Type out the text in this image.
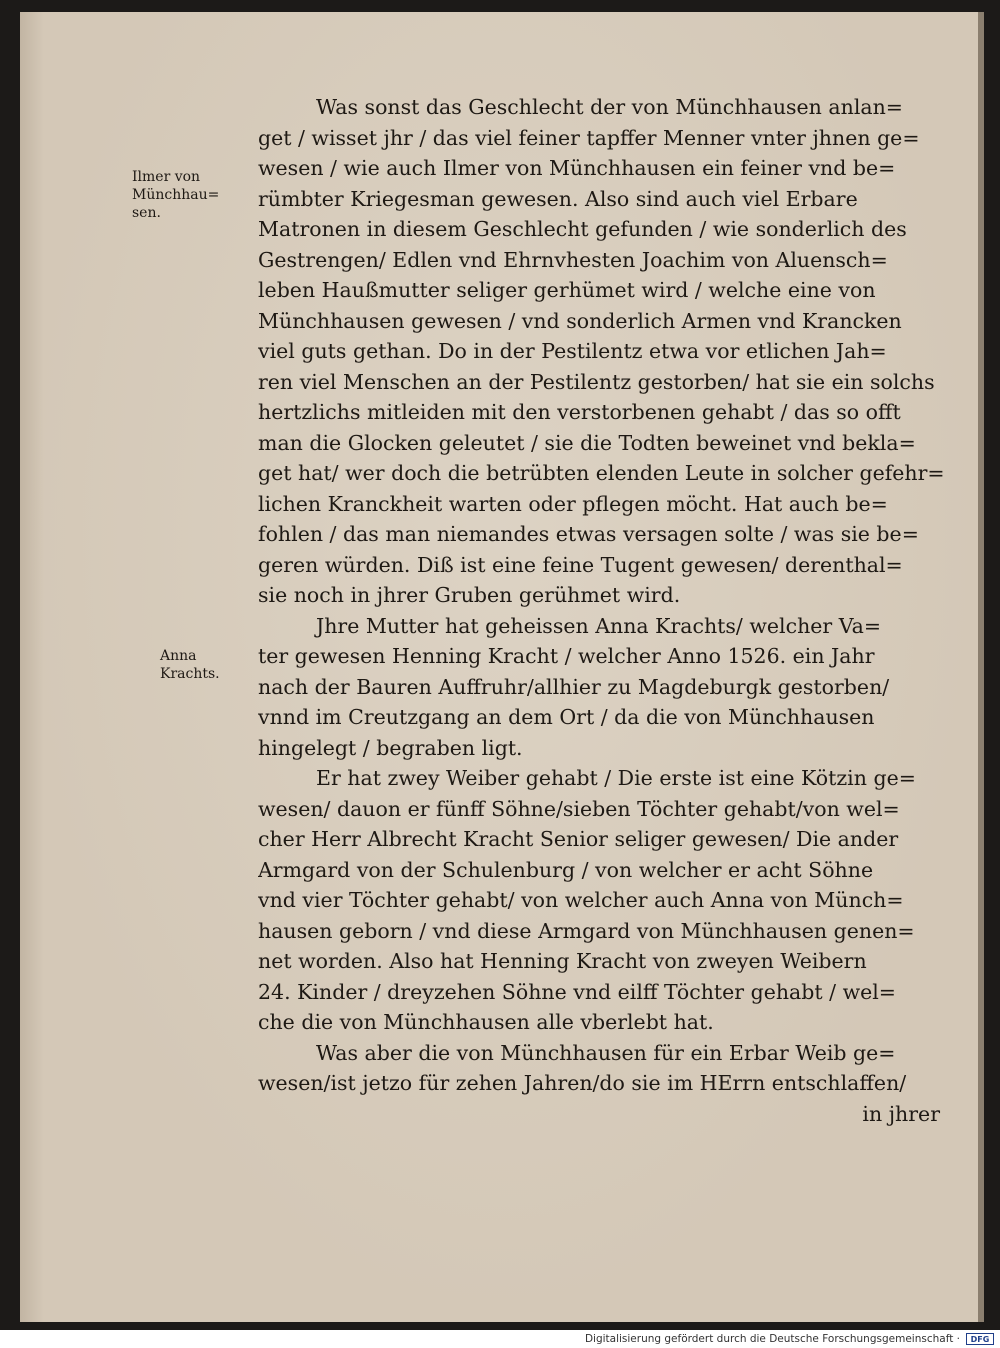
Ilmer von Münchhau= sen.
Anna Krachts.
Was sonst das Geschlecht der von Münchhausen anlan=
get / wisset jhr / das viel feiner tapffer Menner vnter jhnen ge=
wesen / wie auch Ilmer von Münchhausen ein feiner vnd be=
rümbter Kriegesman gewesen. Also sind auch viel Erbare
Matronen in diesem Geschlecht gefunden / wie sonderlich des
Gestrengen/ Edlen vnd Ehrnvhesten Joachim von Aluensch=
leben Haußmutter seliger gerhümet wird / welche eine von
Münchhausen gewesen / vnd sonderlich Armen vnd Krancken
viel guts gethan. Do in der Pestilentz etwa vor etlichen Jah=
ren viel Menschen an der Pestilentz gestorben/ hat sie ein solchs
hertzlichs mitleiden mit den verstorbenen gehabt / das so offt
man die Glocken geleutet / sie die Todten beweinet vnd bekla=
get hat/ wer doch die betrübten elenden Leute in solcher gefehr=
lichen Kranckheit warten oder pflegen möcht. Hat auch be=
fohlen / das man niemandes etwas versagen solte / was sie be=
geren würden. Diß ist eine feine Tugent gewesen/ derenthal=
sie noch in jhrer Gruben gerühmet wird.
Jhre Mutter hat geheissen Anna Krachts/ welcher Va=
ter gewesen Henning Kracht / welcher Anno 1526. ein Jahr
nach der Bauren Auffruhr/allhier zu Magdeburgk gestorben/
vnnd im Creutzgang an dem Ort / da die von Münchhausen
hingelegt / begraben ligt.
Er hat zwey Weiber gehabt / Die erste ist eine Kötzin ge=
wesen/ dauon er fünff Söhne/sieben Töchter gehabt/von wel=
cher Herr Albrecht Kracht Senior seliger gewesen/ Die ander
Armgard von der Schulenburg / von welcher er acht Söhne
vnd vier Töchter gehabt/ von welcher auch Anna von Münch=
hausen geborn / vnd diese Armgard von Münchhausen genen=
net worden. Also hat Henning Kracht von zweyen Weibern
24. Kinder / dreyzehen Söhne vnd eilff Töchter gehabt / wel=
che die von Münchhausen alle vberlebt hat.
Was aber die von Münchhausen für ein Erbar Weib ge=
wesen/ist jetzo für zehen Jahren/do sie im HErrn entschlaffen/
in jhrer
Digitalisierung gefördert durch die Deutsche Forschungsgemeinschaft ·	DFG
